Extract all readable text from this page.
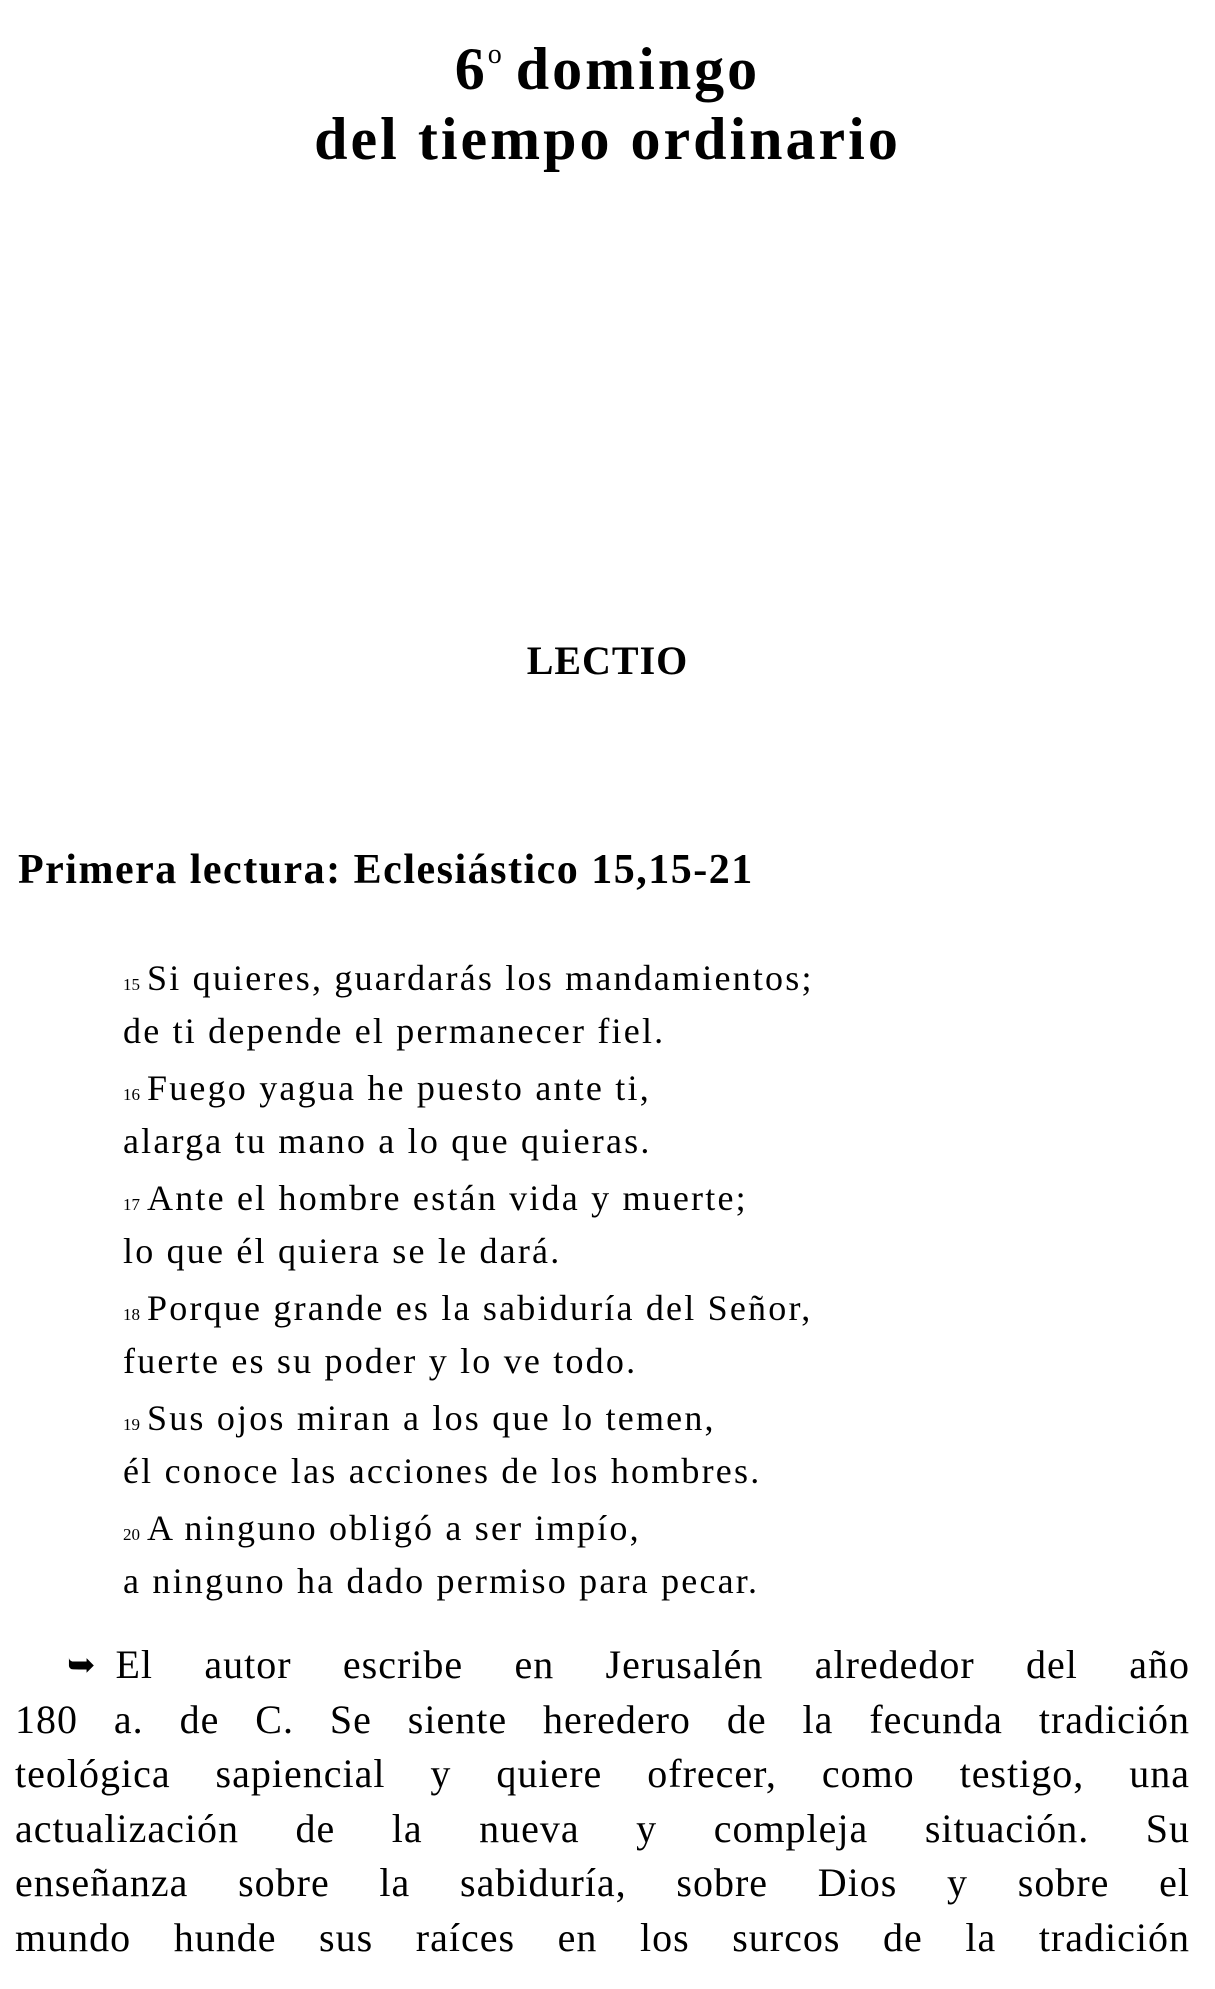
6$^o$ domingo
del tiempo ordinario
LECTIO
Primera lectura: Eclesiástico 15,15-21
15 Si quieres, guardarás los mandamientos;
de ti depende el permanecer fiel.
16 Fuego yagua he puesto ante ti,
alarga tu mano a lo que quieras.
17 Ante el hombre están vida y muerte;
lo que él quiera se le dará.
18 Porque grande es la sabiduría del Señor,
fuerte es su poder y lo ve todo.
19 Sus ojos miran a los que lo temen,
él conoce las acciones de los hombres.
20 A ninguno obligó a ser impío,
a ninguno ha dado permiso para pecar.
➥El autor escribe en Jerusalén alrededor del año
180 a. de C. Se siente heredero de la fecunda tradición
teológica sapiencial y quiere ofrecer, como testigo, una
actualización de la nueva y compleja situación. Su
enseñanza sobre la sabiduría, sobre Dios y sobre el
mundo hunde sus raíces en los surcos de la tradición
